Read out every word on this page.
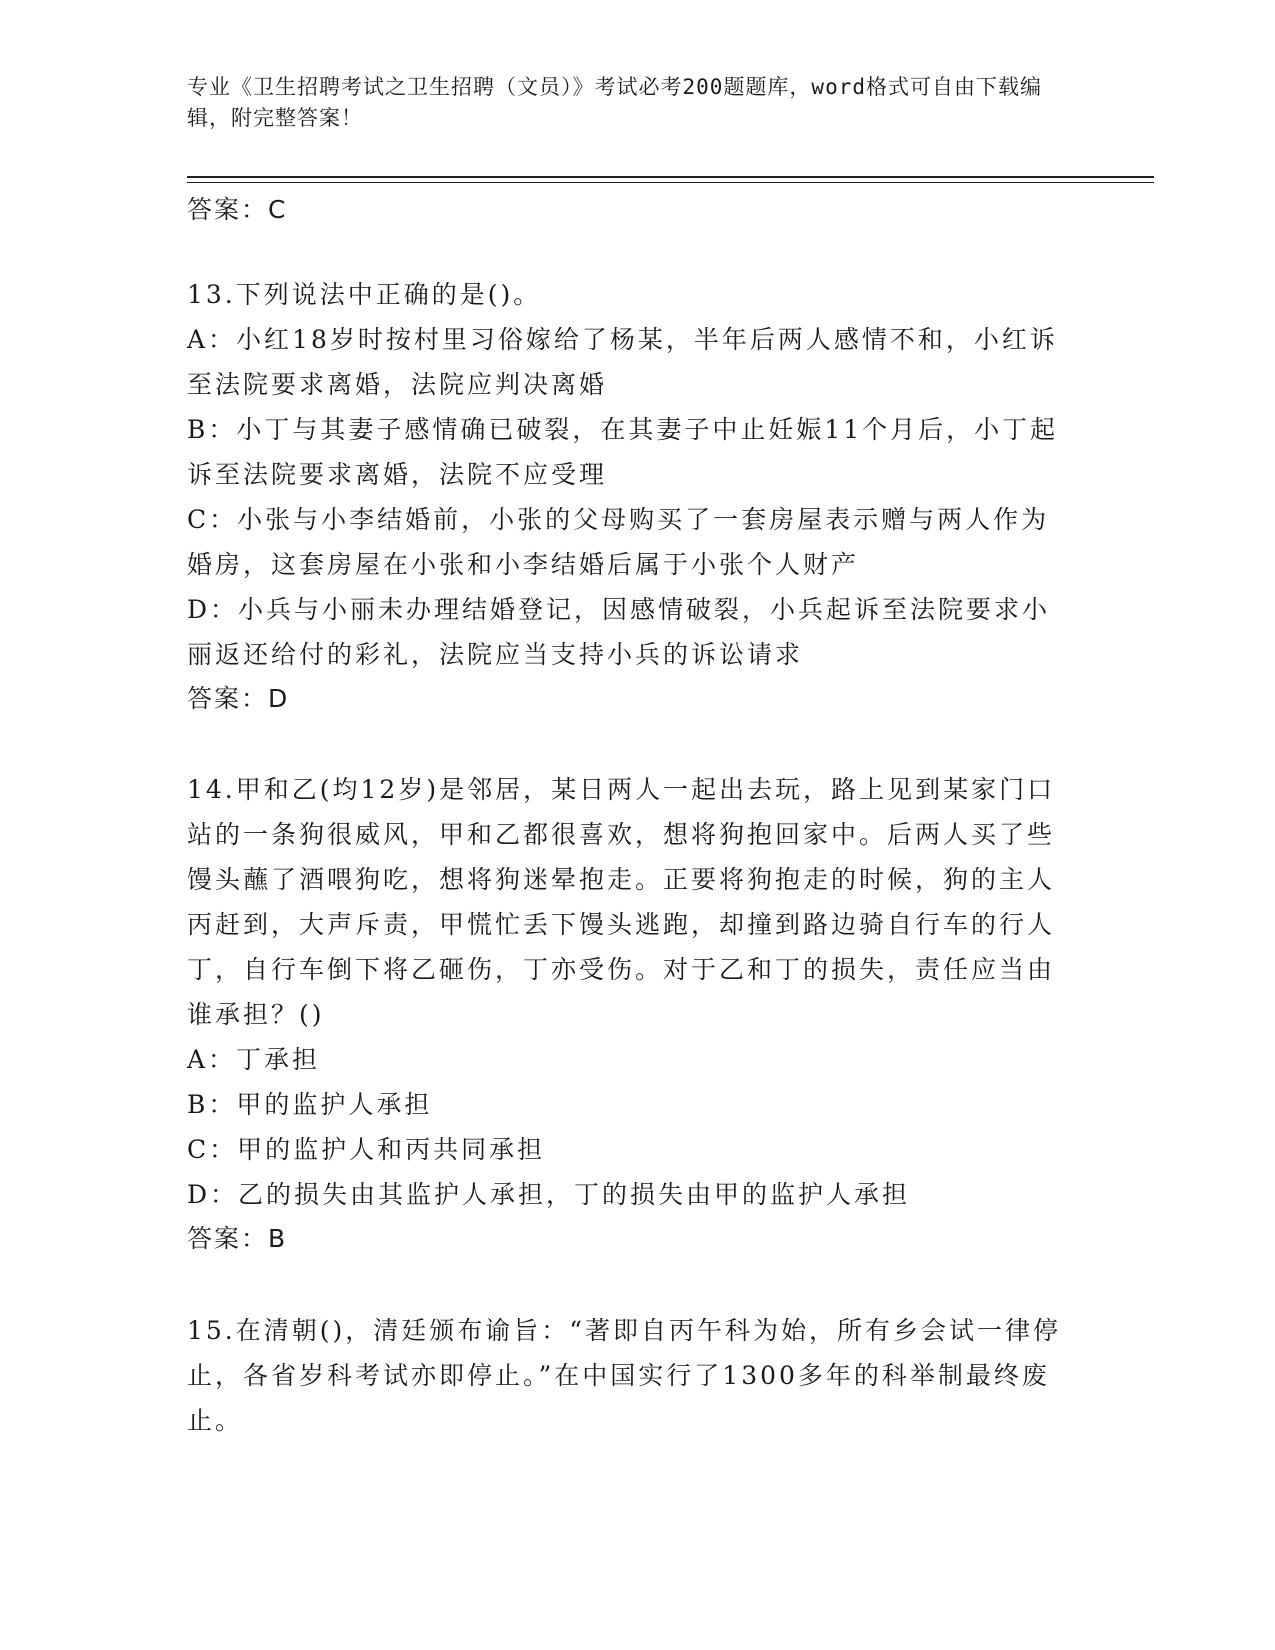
专业《卫生招聘考试之卫生招聘（文员）》考试必考200题题库，word格式可自由下载编辑，附完整答案！

答案：C

13.下列说法中正确的是()。

A：小红18岁时按村里习俗嫁给了杨某，半年后两人感情不和，小红诉至法院要求离婚，法院应判决离婚

B：小丁与其妻子感情确已破裂，在其妻子中止妊娠11个月后，小丁起诉至法院要求离婚，法院不应受理

C：小张与小李结婚前，小张的父母购买了一套房屋表示赠与两人作为婚房，这套房屋在小张和小李结婚后属于小张个人财产

D：小兵与小丽未办理结婚登记，因感情破裂，小兵起诉至法院要求小丽返还给付的彩礼，法院应当支持小兵的诉讼请求

答案：D

14.甲和乙(均12岁)是邻居，某日两人一起出去玩，路上见到某家门口站的一条狗很威风，甲和乙都很喜欢，想将狗抱回家中。后两人买了些馒头蘸了酒喂狗吃，想将狗迷晕抱走。正要将狗抱走的时候，狗的主人丙赶到，大声斥责，甲慌忙丢下馒头逃跑，却撞到路边骑自行车的行人丁，自行车倒下将乙砸伤，丁亦受伤。对于乙和丁的损失，责任应当由谁承担？()

A：丁承担

B：甲的监护人承担

C：甲的监护人和丙共同承担

D：乙的损失由其监护人承担，丁的损失由甲的监护人承担

答案：B

15.在清朝()，清廷颁布谕旨：“著即自丙午科为始，所有乡会试一律停止，各省岁科考试亦即停止。”在中国实行了1300多年的科举制最终废止。
